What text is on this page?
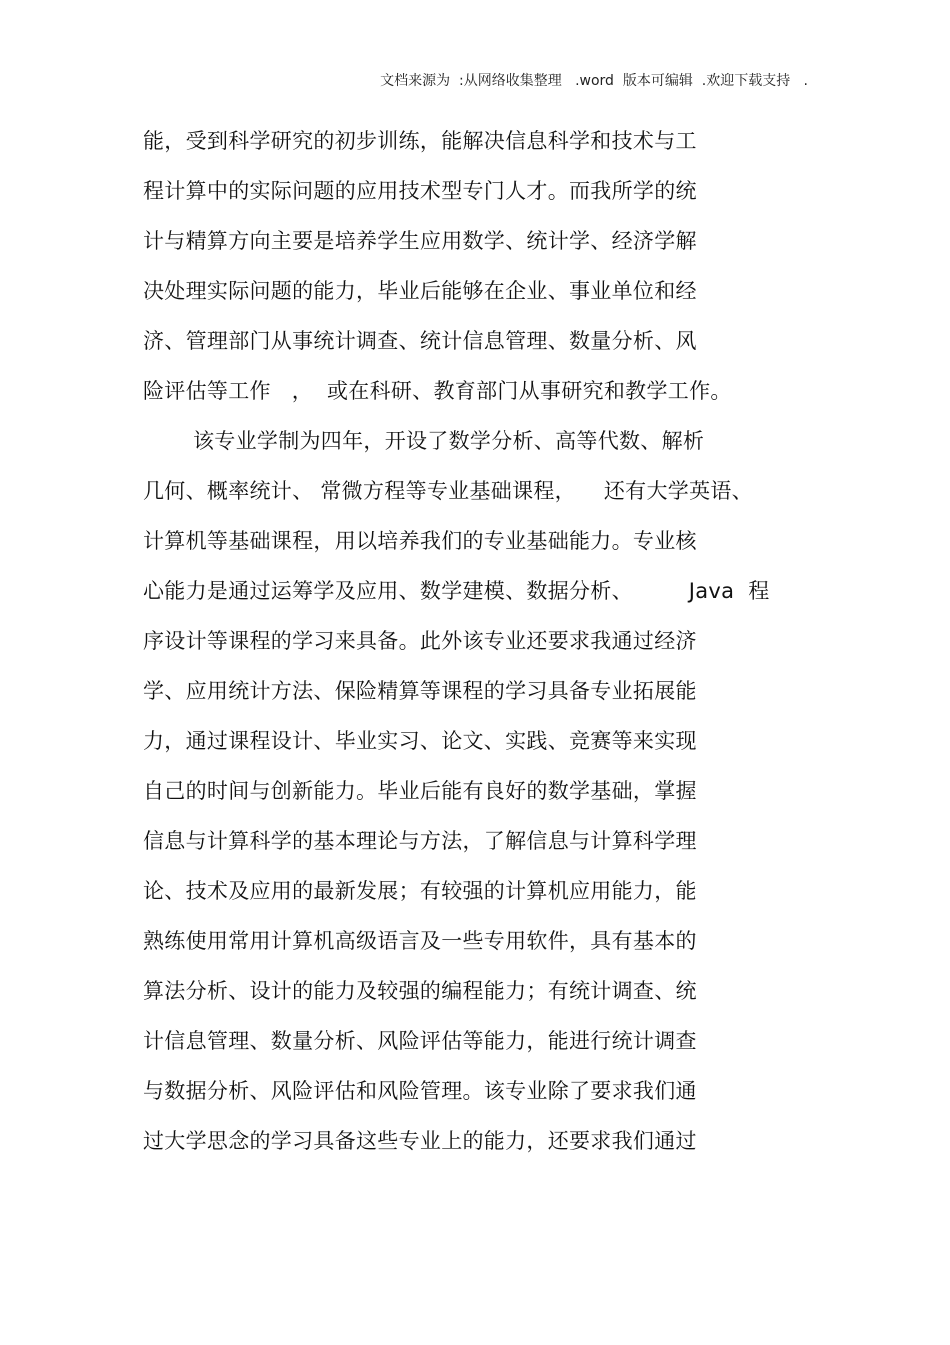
文档来源为  :从网络收集整理   .word  版本可编辑  .欢迎下载支持   .
能，受到科学研究的初步训练，能解决信息科学和技术与工
程计算中的实际问题的应用技术型专门人才。而我所学的统
计与精算方向主要是培养学生应用数学、统计学、经济学解
决处理实际问题的能力，毕业后能够在企业、事业单位和经
济、管理部门从事统计调查、统计信息管理、数量分析、风
险评估等工作   ，  或在科研、教育部门从事研究和教学工作。
该专业学制为四年，开设了数学分析、高等代数、解析
几何、概率统计、 常微方程等专业基础课程，    还有大学英语、
计算机等基础课程，用以培养我们的专业基础能力。专业核
心能力是通过运筹学及应用、数学建模、数据分析、        Java  程
序设计等课程的学习来具备。此外该专业还要求我通过经济
学、应用统计方法、保险精算等课程的学习具备专业拓展能
力，通过课程设计、毕业实习、论文、实践、竞赛等来实现
自己的时间与创新能力。毕业后能有良好的数学基础，掌握
信息与计算科学的基本理论与方法，了解信息与计算科学理
论、技术及应用的最新发展；有较强的计算机应用能力，能
熟练使用常用计算机高级语言及一些专用软件，具有基本的
算法分析、设计的能力及较强的编程能力；有统计调查、统
计信息管理、数量分析、风险评估等能力，能进行统计调查
与数据分析、风险评估和风险管理。该专业除了要求我们通
过大学思念的学习具备这些专业上的能力，还要求我们通过
